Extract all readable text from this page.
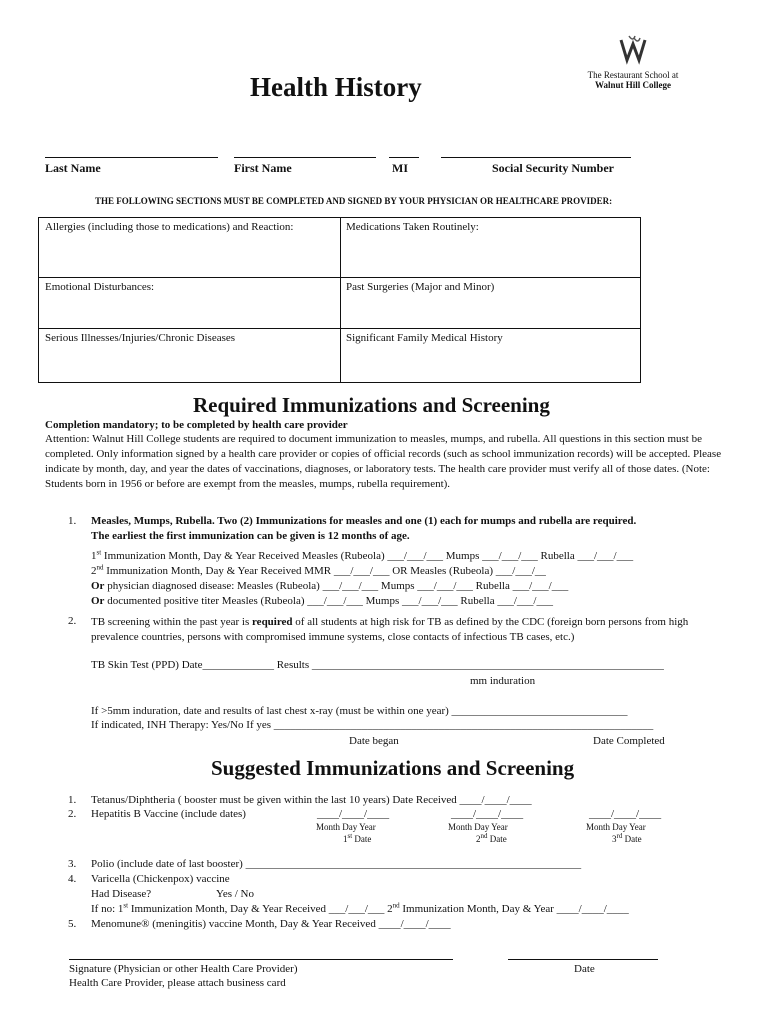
The Restaurant School at
Walnut Hill College
Health History
Last Name	First Name	MI	Social Security Number
THE FOLLOWING SECTIONS MUST BE COMPLETED AND SIGNED BY YOUR PHYSICIAN OR HEALTHCARE PROVIDER:
Allergies (including those to medications) and Reaction:	Medications Taken Routinely:
Emotional Disturbances:	Past Surgeries (Major and Minor)
Serious Illnesses/Injuries/Chronic Diseases	Significant Family Medical History
Required Immunizations and Screening
Completion mandatory; to be completed by health care provider
Attention: Walnut Hill College students are required to document immunization to measles, mumps, and rubella. All questions in this section must be completed. Only information signed by a health care provider or copies of official records (such as school immunization records) will be accepted. Please indicate by month, day, and year the dates of vaccinations, diagnoses, or laboratory tests. The health care provider must verify all of those dates. (Note: Students born in 1956 or before are exempt from the measles, mumps, rubella requirement).
1. Measles, Mumps, Rubella. Two (2) Immunizations for measles and one (1) each for mumps and rubella are required.
The earliest the first immunization can be given is 12 months of age.
1st Immunization Month, Day & Year Received Measles (Rubeola) ___/___/___ Mumps ___/___/___ Rubella ___/___/___
2nd Immunization Month, Day & Year Received MMR ___/___/___ OR Measles (Rubeola) ___/___/__
Or physician diagnosed disease: Measles (Rubeola) ___/___/___ Mumps ___/___/___ Rubella ___/___/___
Or documented positive titer Measles (Rubeola) ___/___/___ Mumps ___/___/___ Rubella ___/___/___
2. TB screening within the past year is required of all students at high risk for TB as defined by the CDC (foreign born persons from high prevalence countries, persons with compromised immune systems, close contacts of infectious TB cases, etc.)
TB Skin Test (PPD) Date_____________ Results ________________________________________________________________
mm induration
If >5mm induration, date and results of last chest x-ray (must be within one year) ________________________________
If indicated, INH Therapy: Yes/No If yes _____________________________________________________________________
Date began	Date Completed
Suggested Immunizations and Screening
1. Tetanus/Diphtheria ( booster must be given within the last 10 years) Date Received ____/____/____
2. Hepatitis B Vaccine (include dates)	____/____/____	____/____/____	____/____/____
Month Day Year	Month Day Year	Month Day Year
1st Date	2nd Date	3rd Date
3. Polio (include date of last booster) _____________________________________________________________
4. Varicella (Chickenpox) vaccine
Had Disease?	Yes / No
If no: 1st Immunization Month, Day & Year Received ___/___/___ 2nd Immunization Month, Day & Year ____/____/____
5. Menomune® (meningitis) vaccine Month, Day & Year Received ____/____/____
Signature (Physician or other Health Care Provider)	Date
Health Care Provider, please attach business card
